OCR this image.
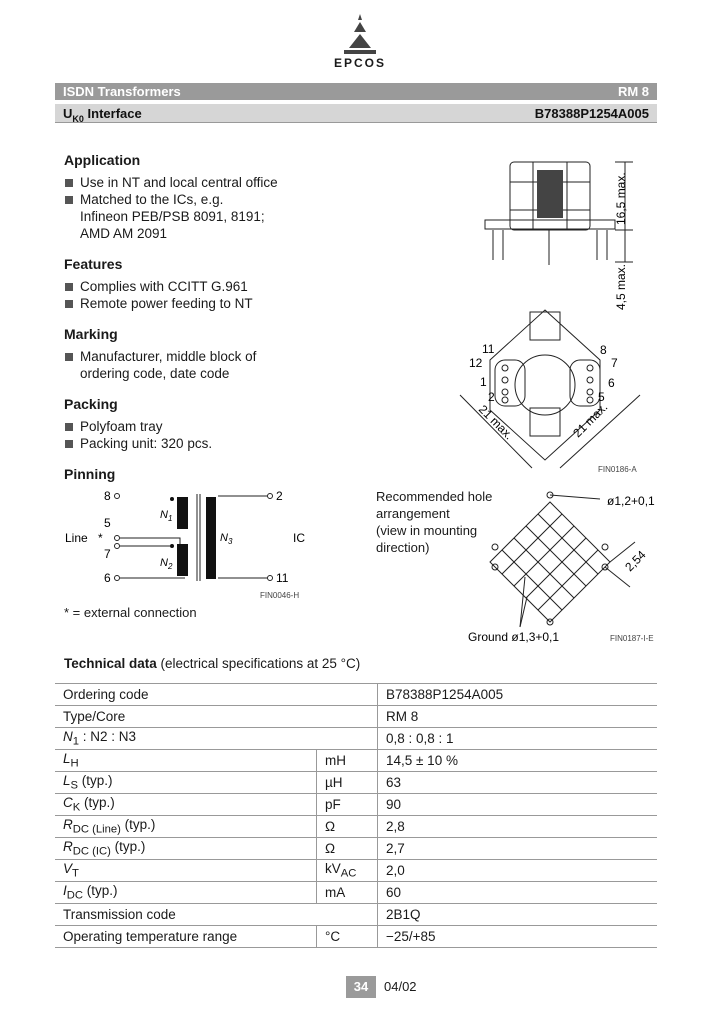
EPCOS
ISDN Transformers	RM 8
$U_{K0}$ Interface	B78388P1254A005
Application
Use in NT and local central office
Matched to the ICs, e.g.
Infineon PEB/PSB 8091, 8191;
AMD AM 2091
Features
Complies with CCITT G.961
Remote power feeding to NT
Marking
Manufacturer, middle block of
ordering code, date code
Packing
Polyfoam tray
Packing unit: 320 pcs.
Pinning
8
5
7
6
2
11
Line *	IC
$N_1$
$N_2$
$N_3$
FIN0046-H
* = external connection
16,5 max.
4,5 max.
11
12
1
2
8
7
6
5
21 max.	21 max.
FIN0186-A
Recommended hole
arrangement
(view in mounting
direction)
ø1,2+0,1
2,54
Ground ø1,3+0,1	FIN0187-I-E
Technical data (electrical specifications at 25 °C)
Ordering code		B78388P1254A005
Type/Core		RM 8
$N_1$ : N2 : N3		0,8 : 0,8 : 1
$L_H$	mH	14,5 ± 10 %
$L_S$ (typ.)	µH	63
$C_K$ (typ.)	pF	90
$R_{DC (Line)}$ (typ.)	Ω	2,8
$R_{DC (IC)}$ (typ.)	Ω	2,7
$V_T$	$kV_{AC}$	2,0
$I_{DC}$ (typ.)	mA	60
Transmission code		2B1Q
Operating temperature range	°C	−25/+85
34	04/02
